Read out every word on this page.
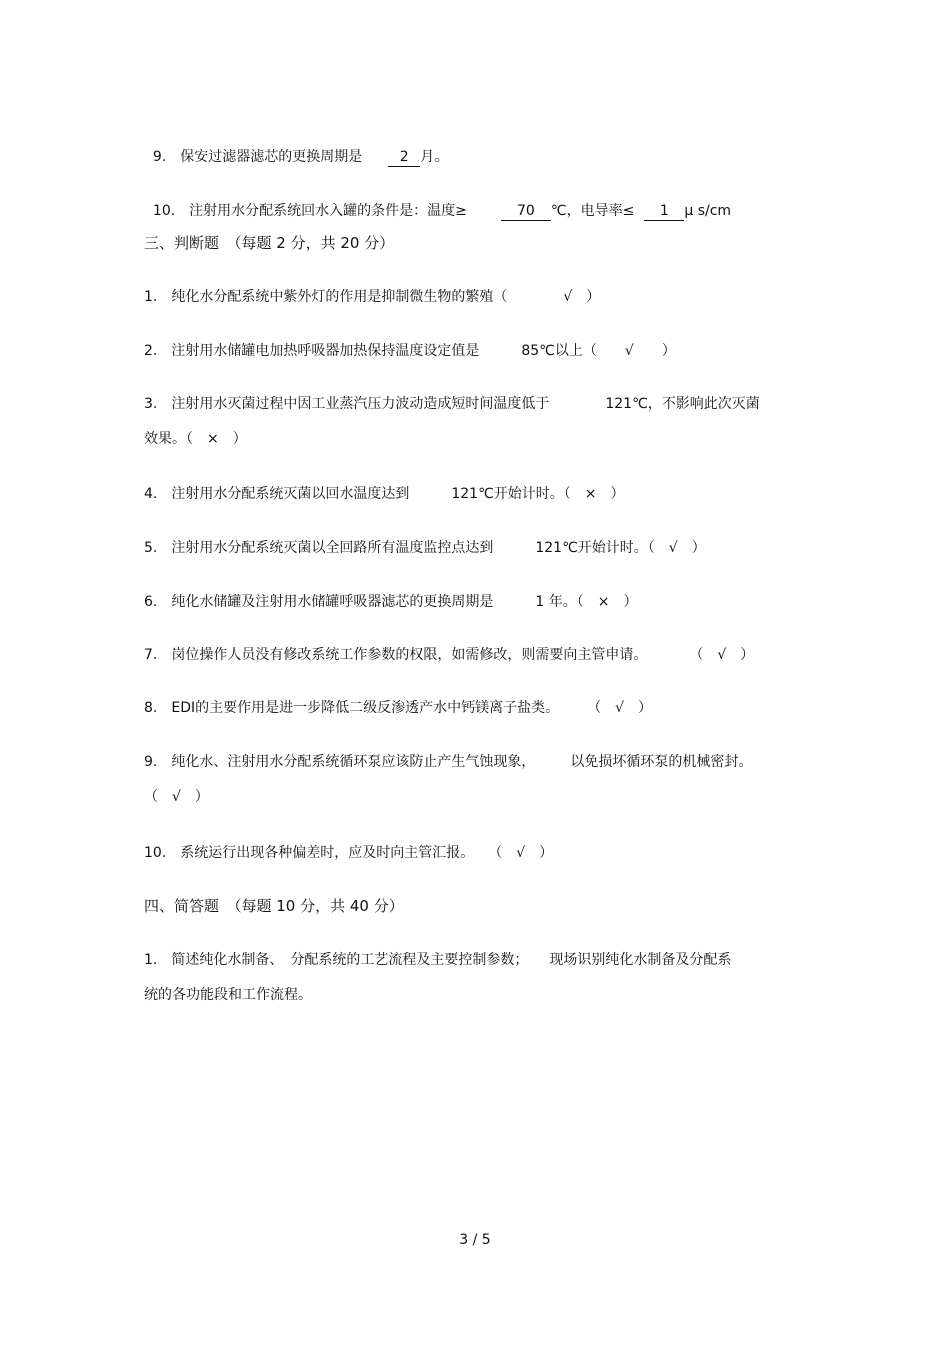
9.　保安过滤器滤芯的更换周期是	2 月。

10.　注射用水分配系统回水入罐的条件是：温度≥	70 ℃，电导率≤ 1 μ s/cm

三、判断题　（每题 2 分，共 20 分）
1.　纯化水分配系统中紫外灯的作用是抑制微生物的繁殖（　　　　√　）
2.　注射用水储罐电加热呼吸器加热保持温度设定值是　　　85℃以上（　　√　　）
3.　注射用水灭菌过程中因工业蒸汽压力波动造成短时间温度低于　　　　121℃，不影响此次灭菌
效果。（　×　）
4.　注射用水分配系统灭菌以回水温度达到　　　121℃开始计时。（　×　）
5.　注射用水分配系统灭菌以全回路所有温度监控点达到　　　121℃开始计时。（　√　）
6.　纯化水储罐及注射用水储罐呼吸器滤芯的更换周期是　　　1 年。（　×　）
7.　岗位操作人员没有修改系统工作参数的权限，如需修改，则需要向主管申请。　　　　（　√　）
8.　EDI的主要作用是进一步降低二级反渗透产水中钙镁离子盐类。　　　（　√　）
9.　纯化水、注射用水分配系统循环泵应该防止产生气蚀现象，　　　以免损坏循环泵的机械密封。
（　√　）
10.　系统运行出现各种偏差时，应及时向主管汇报。　　（　√　）
四、简答题　（每题 10 分，共 40 分）
1.　简述纯化水制备、　分配系统的工艺流程及主要控制参数；　　现场识别纯化水制备及分配系
统的各功能段和工作流程。
3 / 5
